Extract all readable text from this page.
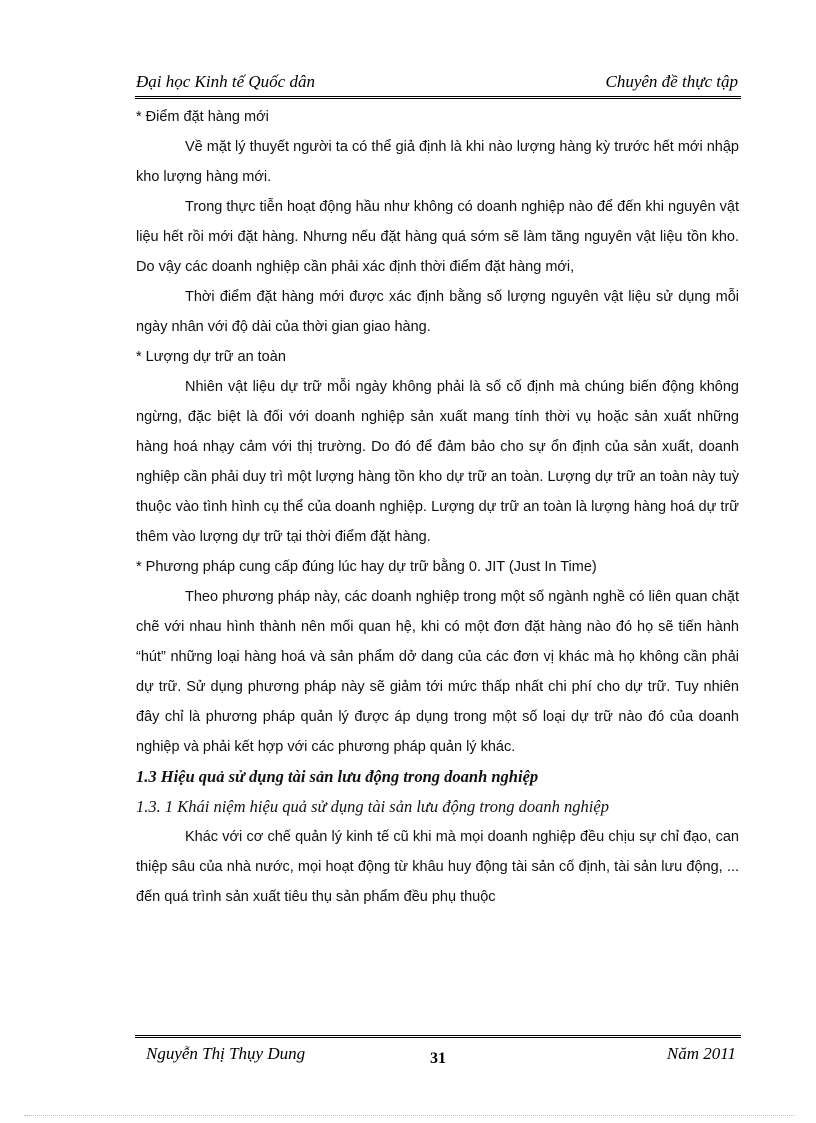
Đại học Kinh tế Quốc dân	Chuyên đề thực tập

* Điểm đặt hàng mới

Về mặt lý thuyết người ta có thể giả định là khi nào lượng hàng kỳ trước hết mới nhập kho lượng hàng mới.

Trong thực tiễn hoạt động hầu như không có doanh nghiệp nào để đến khi nguyên vật liệu hết rồi mới đặt hàng. Nhưng nếu đặt hàng quá sớm sẽ làm tăng nguyên vật liệu tồn kho. Do vậy các doanh nghiệp cần phải xác định thời điểm đặt hàng mới,

Thời điểm đặt hàng mới được xác định bằng số lượng nguyên vật liệu sử dụng mỗi ngày nhân với độ dài của thời gian giao hàng.

* Lượng dự trữ an toàn

Nhiên vật liệu dự trữ mỗi ngày không phải là số cố định mà chúng biến động không ngừng, đặc biệt là đối với doanh nghiệp sản xuất mang tính thời vụ hoặc sản xuất những hàng hoá nhạy cảm với thị trường. Do đó để đảm bảo cho sự ổn định của sản xuất, doanh nghiệp cần phải duy trì một lượng hàng tồn kho dự trữ an toàn. Lượng dự trữ an toàn này tuỳ thuộc vào tình hình cụ thể của doanh nghiệp. Lượng dự trữ an toàn là lượng hàng hoá dự trữ thêm vào lượng dự trữ tại thời điểm đặt hàng.

* Phương pháp cung cấp đúng lúc hay dự trữ bằng 0. JIT (Just In Time)

Theo phương pháp này, các doanh nghiệp trong một số ngành nghề có liên quan chặt chẽ với nhau hình thành nên mối quan hệ, khi có một đơn đặt hàng nào đó họ sẽ tiến hành “hút” những loại hàng hoá và sản phẩm dở dang của các đơn vị khác mà họ không cần phải dự trữ. Sử dụng phương pháp này sẽ giảm tới mức thấp nhất chi phí cho dự trữ. Tuy nhiên đây chỉ là phương pháp quản lý được áp dụng trong một số loại dự trữ nào đó của doanh nghiệp và phải kết hợp với các phương pháp quản lý khác.

1.3 Hiệu quả sử dụng tài sản lưu động trong doanh nghiệp
1.3. 1 Khái niệm hiệu quả sử dụng tài sản lưu động trong doanh nghiệp

Khác với cơ chế quản lý kinh tế cũ khi mà mọi doanh nghiệp đều chịu sự chỉ đạo, can thiệp sâu của nhà nước, mọi hoạt động từ khâu huy động tài sản cố định, tài sản lưu động, ... đến quá trình sản xuất tiêu thụ sản phẩm đều phụ thuộc

Nguyễn Thị Thụy Dung	31	Năm 2011
